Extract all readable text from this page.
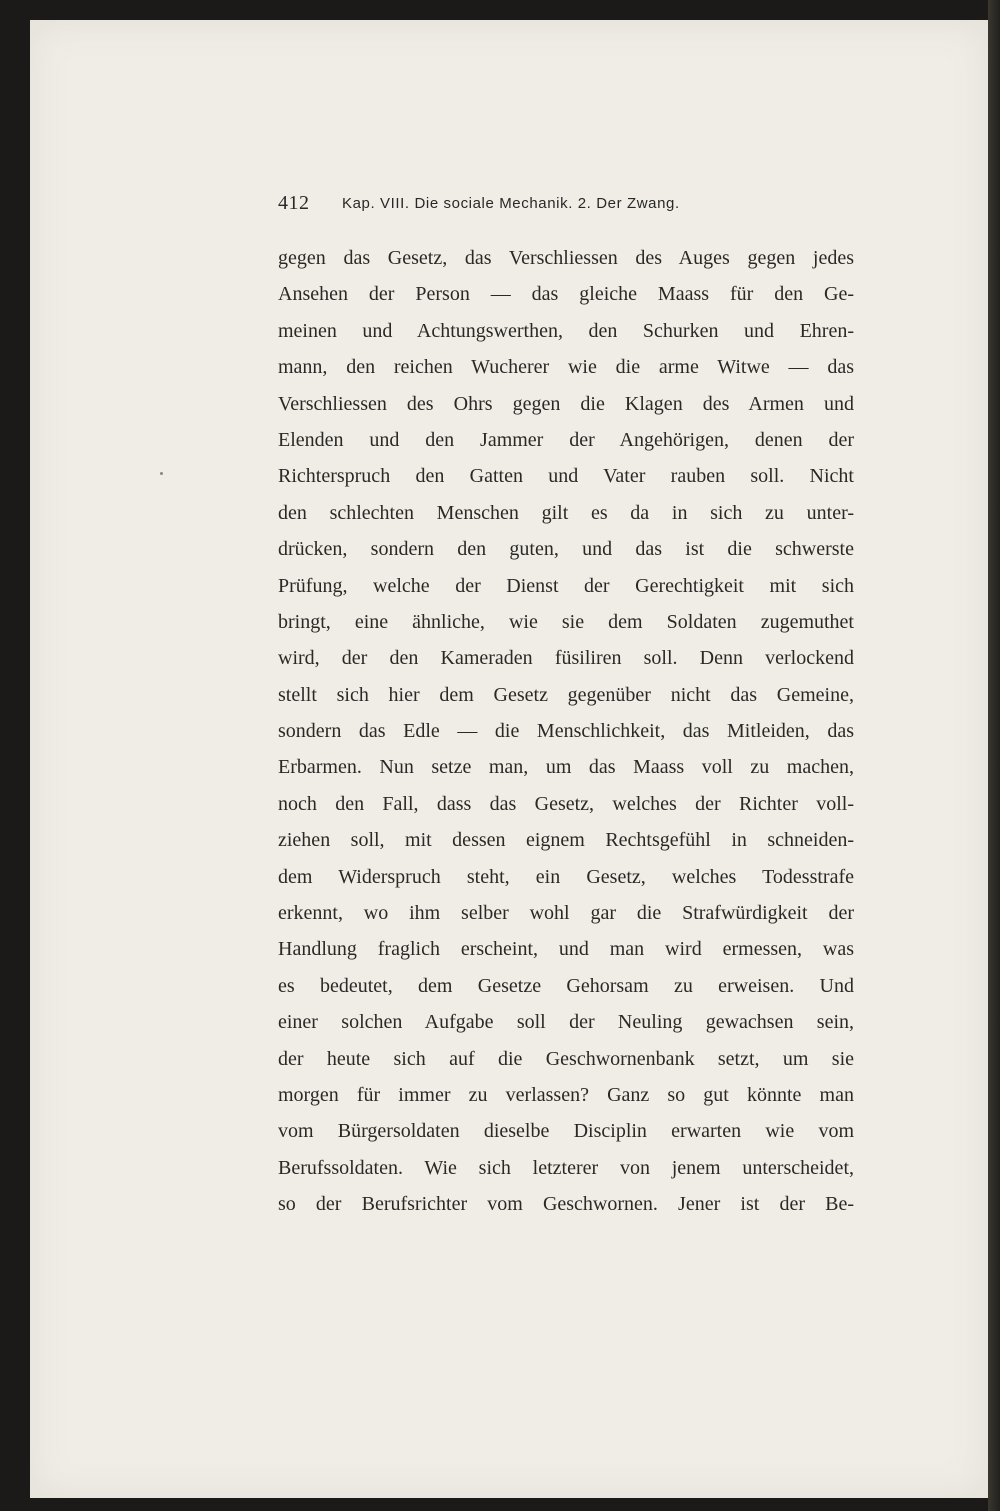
412 Kap. VIII. Die sociale Mechanik. 2. Der Zwang.
gegen das Gesetz, das Verschliessen des Auges gegen jedes
Ansehen der Person — das gleiche Maass für den Ge-
meinen und Achtungswerthen, den Schurken und Ehren-
mann, den reichen Wucherer wie die arme Witwe — das
Verschliessen des Ohrs gegen die Klagen des Armen und
Elenden und den Jammer der Angehörigen, denen der
Richterspruch den Gatten und Vater rauben soll. Nicht
den schlechten Menschen gilt es da in sich zu unter-
drücken, sondern den guten, und das ist die schwerste
Prüfung, welche der Dienst der Gerechtigkeit mit sich
bringt, eine ähnliche, wie sie dem Soldaten zugemuthet
wird, der den Kameraden füsiliren soll. Denn verlockend
stellt sich hier dem Gesetz gegenüber nicht das Gemeine,
sondern das Edle — die Menschlichkeit, das Mitleiden, das
Erbarmen. Nun setze man, um das Maass voll zu machen,
noch den Fall, dass das Gesetz, welches der Richter voll-
ziehen soll, mit dessen eignem Rechtsgefühl in schneiden-
dem Widerspruch steht, ein Gesetz, welches Todesstrafe
erkennt, wo ihm selber wohl gar die Strafwürdigkeit der
Handlung fraglich erscheint, und man wird ermessen, was
es bedeutet, dem Gesetze Gehorsam zu erweisen. Und
einer solchen Aufgabe soll der Neuling gewachsen sein,
der heute sich auf die Geschwornenbank setzt, um sie
morgen für immer zu verlassen? Ganz so gut könnte man
vom Bürgersoldaten dieselbe Disciplin erwarten wie vom
Berufssoldaten. Wie sich letzterer von jenem unterscheidet,
so der Berufsrichter vom Geschwornen. Jener ist der Be-
